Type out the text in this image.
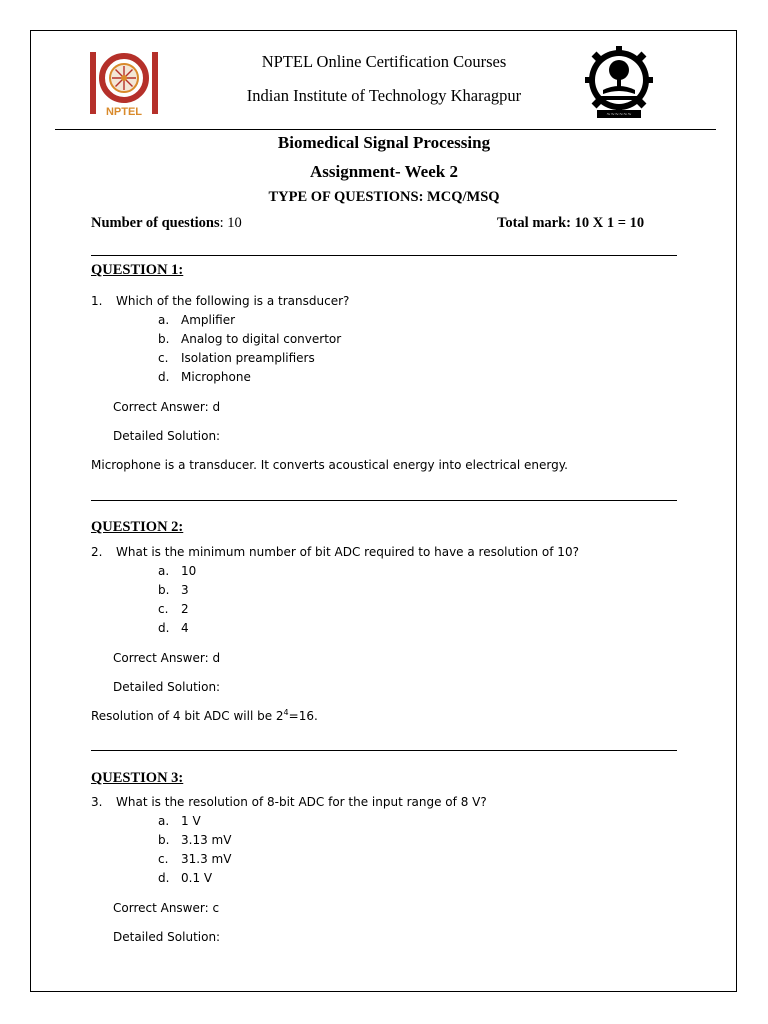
NPTEL	~~~~~~
NPTEL Online Certification Courses
Indian Institute of Technology Kharagpur
Biomedical Signal Processing
Assignment- Week 2
TYPE OF QUESTIONS: MCQ/MSQ
Number of questions: 10	Total mark: 10 X 1 = 10
QUESTION 1:
1. Which of the following is a transducer?
a. Amplifier
b. Analog to digital convertor
c. Isolation preamplifiers
d. Microphone
Correct Answer: d
Detailed Solution:
Microphone is a transducer. It converts acoustical energy into electrical energy.
QUESTION 2:
2. What is the minimum number of bit ADC required to have a resolution of 10?
a. 10
b. 3
c. 2
d. 4
Correct Answer: d
Detailed Solution:
Resolution of 4 bit ADC will be $2^4=16$.
QUESTION 3:
3. What is the resolution of 8-bit ADC for the input range of 8 V?
a. 1 V
b. 3.13 mV
c. 31.3 mV
d. 0.1 V
Correct Answer: c
Detailed Solution:
